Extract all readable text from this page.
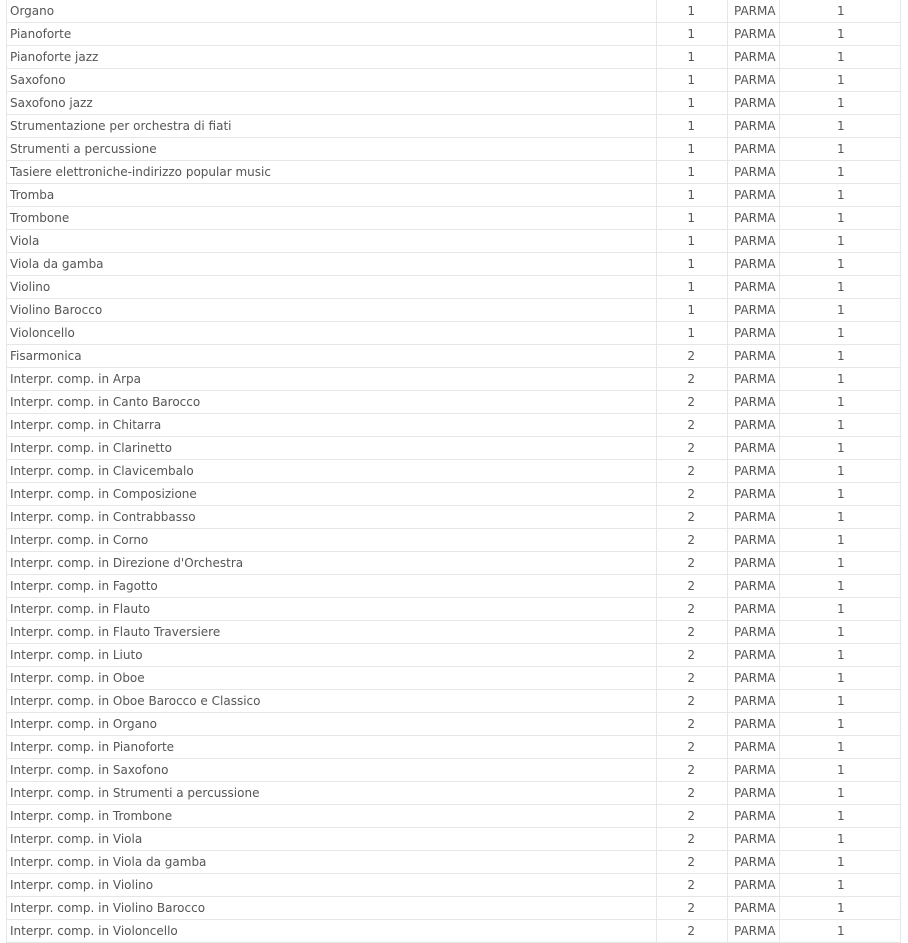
Organo	1	PARMA	1
Pianoforte	1	PARMA	1
Pianoforte jazz	1	PARMA	1
Saxofono	1	PARMA	1
Saxofono jazz	1	PARMA	1
Strumentazione per orchestra di fiati	1	PARMA	1
Strumenti a percussione	1	PARMA	1
Tasiere elettroniche-indirizzo popular music	1	PARMA	1
Tromba	1	PARMA	1
Trombone	1	PARMA	1
Viola	1	PARMA	1
Viola da gamba	1	PARMA	1
Violino	1	PARMA	1
Violino Barocco	1	PARMA	1
Violoncello	1	PARMA	1
Fisarmonica	2	PARMA	1
Interpr. comp. in Arpa	2	PARMA	1
Interpr. comp. in Canto Barocco	2	PARMA	1
Interpr. comp. in Chitarra	2	PARMA	1
Interpr. comp. in Clarinetto	2	PARMA	1
Interpr. comp. in Clavicembalo	2	PARMA	1
Interpr. comp. in Composizione	2	PARMA	1
Interpr. comp. in Contrabbasso	2	PARMA	1
Interpr. comp. in Corno	2	PARMA	1
Interpr. comp. in Direzione d'Orchestra	2	PARMA	1
Interpr. comp. in Fagotto	2	PARMA	1
Interpr. comp. in Flauto	2	PARMA	1
Interpr. comp. in Flauto Traversiere	2	PARMA	1
Interpr. comp. in Liuto	2	PARMA	1
Interpr. comp. in Oboe	2	PARMA	1
Interpr. comp. in Oboe Barocco e Classico	2	PARMA	1
Interpr. comp. in Organo	2	PARMA	1
Interpr. comp. in Pianoforte	2	PARMA	1
Interpr. comp. in Saxofono	2	PARMA	1
Interpr. comp. in Strumenti a percussione	2	PARMA	1
Interpr. comp. in Trombone	2	PARMA	1
Interpr. comp. in Viola	2	PARMA	1
Interpr. comp. in Viola da gamba	2	PARMA	1
Interpr. comp. in Violino	2	PARMA	1
Interpr. comp. in Violino Barocco	2	PARMA	1
Interpr. comp. in Violoncello	2	PARMA	1
